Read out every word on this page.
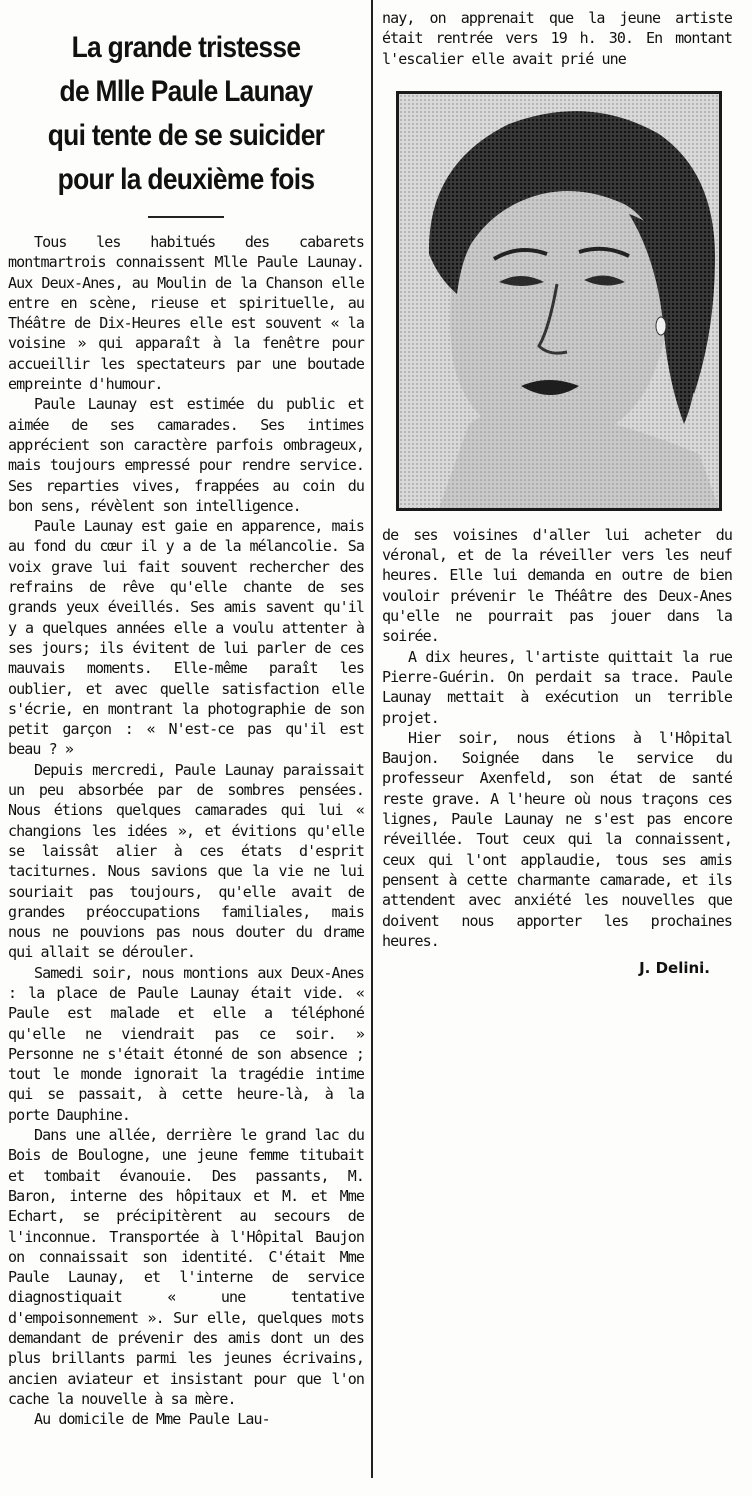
La grande tristesse
de Mlle Paule Launay
qui tente de se suicider
pour la deuxième fois

Tous les habitués des cabarets montmartrois connaissent Mlle Paule Launay. Aux Deux-Anes, au Moulin de la Chanson elle entre en scène, rieuse et spirituelle, au Théâtre de Dix-Heures elle est souvent « la voisine » qui apparaît à la fenêtre pour accueillir les spectateurs par une boutade empreinte d'humour.

Paule Launay est estimée du public et aimée de ses camarades. Ses intimes apprécient son caractère parfois ombrageux, mais toujours empressé pour rendre service. Ses reparties vives, frappées au coin du bon sens, révèlent son intelligence.

Paule Launay est gaie en apparence, mais au fond du cœur il y a de la mélancolie. Sa voix grave lui fait souvent rechercher des refrains de rêve qu'elle chante de ses grands yeux éveillés. Ses amis savent qu'il y a quelques années elle a voulu attenter à ses jours; ils évitent de lui parler de ces mauvais moments. Elle-même paraît les oublier, et avec quelle satisfaction elle s'écrie, en montrant la photographie de son petit garçon : « N'est-ce pas qu'il est beau ? »

Depuis mercredi, Paule Launay paraissait un peu absorbée par de sombres pensées. Nous étions quelques camarades qui lui « changions les idées », et évitions qu'elle se laissât alier à ces états d'esprit taciturnes. Nous savions que la vie ne lui souriait pas toujours, qu'elle avait de grandes préoccupations familiales, mais nous ne pouvions pas nous douter du drame qui allait se dérouler.

Samedi soir, nous montions aux Deux-Anes : la place de Paule Launay était vide. « Paule est malade et elle a téléphoné qu'elle ne viendrait pas ce soir. » Personne ne s'était étonné de son absence ; tout le monde ignorait la tragédie intime qui se passait, à cette heure-là, à la porte Dauphine.

Dans une allée, derrière le grand lac du Bois de Boulogne, une jeune femme titubait et tombait évanouie. Des passants, M. Baron, interne des hôpitaux et M. et Mme Echart, se précipitèrent au secours de l'inconnue. Transportée à l'Hôpital Baujon on connaissait son identité. C'était Mme Paule Launay, et l'interne de service diagnostiquait « une tentative d'empoisonnement ». Sur elle, quelques mots demandant de prévenir des amis dont un des plus brillants parmi les jeunes écrivains, ancien aviateur et insistant pour que l'on cache la nouvelle à sa mère.

Au domicile de Mme Paule Lau-

nay, on apprenait que la jeune artiste était rentrée vers 19 h. 30. En montant l'escalier elle avait prié une

de ses voisines d'aller lui acheter du véronal, et de la réveiller vers les neuf heures. Elle lui demanda en outre de bien vouloir prévenir le Théâtre des Deux-Anes qu'elle ne pourrait pas jouer dans la soirée.

A dix heures, l'artiste quittait la rue Pierre-Guérin. On perdait sa trace. Paule Launay mettait à exécution un terrible projet.

Hier soir, nous étions à l'Hôpital Baujon. Soignée dans le service du professeur Axenfeld, son état de santé reste grave. A l'heure où nous traçons ces lignes, Paule Launay ne s'est pas encore réveillée. Tout ceux qui la connaissent, ceux qui l'ont applaudie, tous ses amis pensent à cette charmante camarade, et ils attendent avec anxiété les nouvelles que doivent nous apporter les prochaines heures.

J. Delini.
